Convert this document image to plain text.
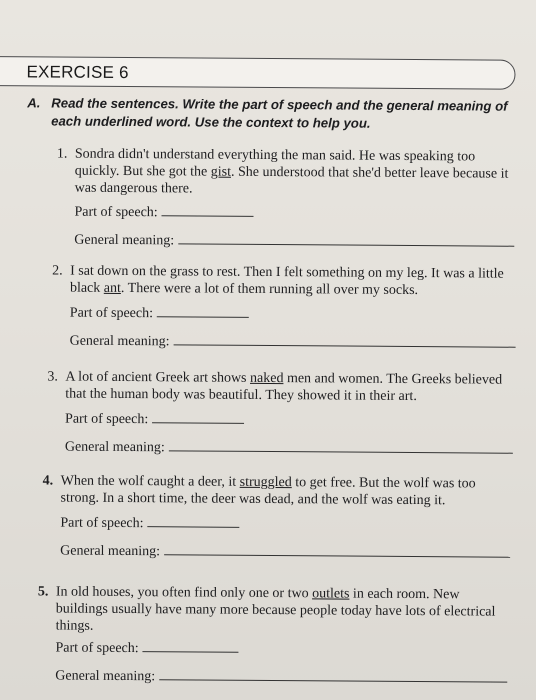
EXERCISE 6
A. Read the sentences. Write the part of speech and the general meaning of each underlined word. Use the context to help you.
1. Sondra didn't understand everything the man said. He was speaking too quickly. But she got the gist. She understood that she'd better leave because it was dangerous there.
Part of speech:
General meaning:
2. I sat down on the grass to rest. Then I felt something on my leg. It was a little black ant. There were a lot of them running all over my socks.
Part of speech:
General meaning:
3. A lot of ancient Greek art shows naked men and women. The Greeks believed that the human body was beautiful. They showed it in their art.
Part of speech:
General meaning:
4. When the wolf caught a deer, it struggled to get free. But the wolf was too strong. In a short time, the deer was dead, and the wolf was eating it.
Part of speech:
General meaning:
5. In old houses, you often find only one or two outlets in each room. New buildings usually have many more because people today have lots of electrical things.
Part of speech:
General meaning:
